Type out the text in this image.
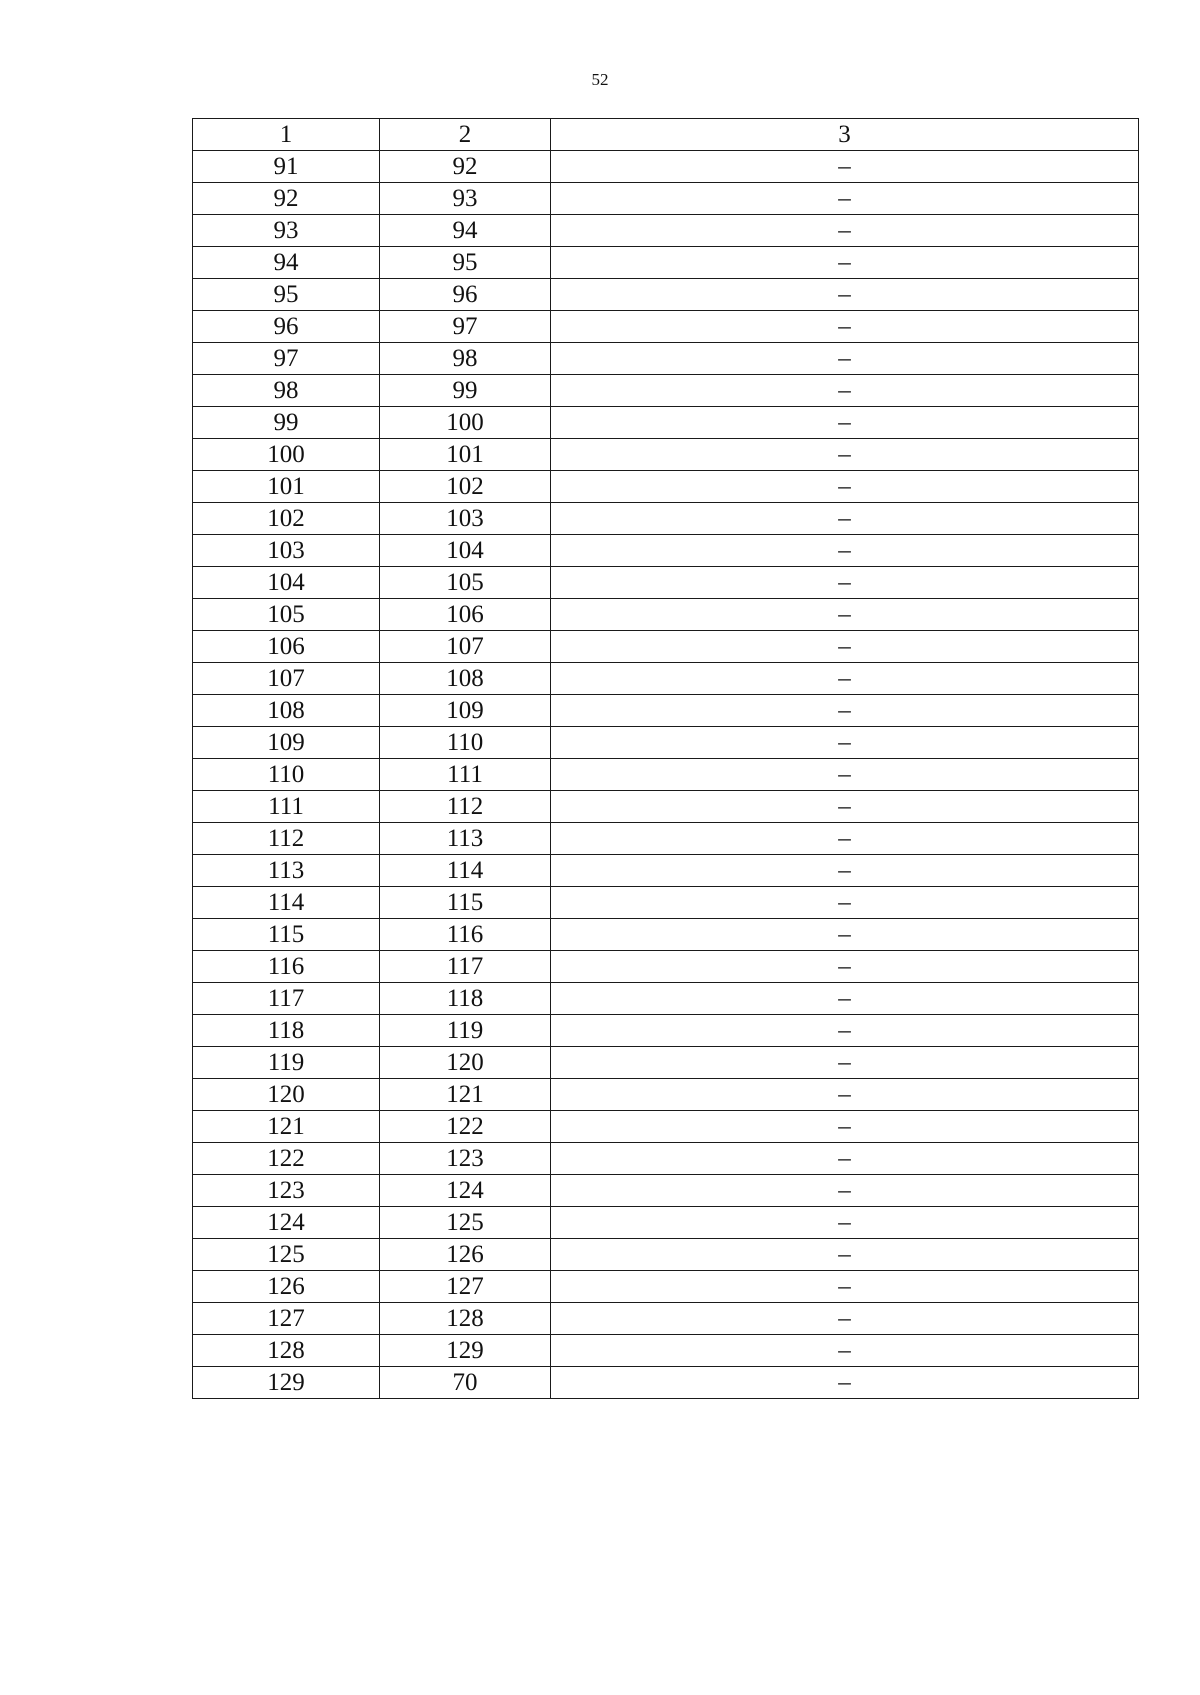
52
1	2	3
91	92	–
92	93	–
93	94	–
94	95	–
95	96	–
96	97	–
97	98	–
98	99	–
99	100	–
100	101	–
101	102	–
102	103	–
103	104	–
104	105	–
105	106	–
106	107	–
107	108	–
108	109	–
109	110	–
110	111	–
111	112	–
112	113	–
113	114	–
114	115	–
115	116	–
116	117	–
117	118	–
118	119	–
119	120	–
120	121	–
121	122	–
122	123	–
123	124	–
124	125	–
125	126	–
126	127	–
127	128	–
128	129	–
129	70	–
